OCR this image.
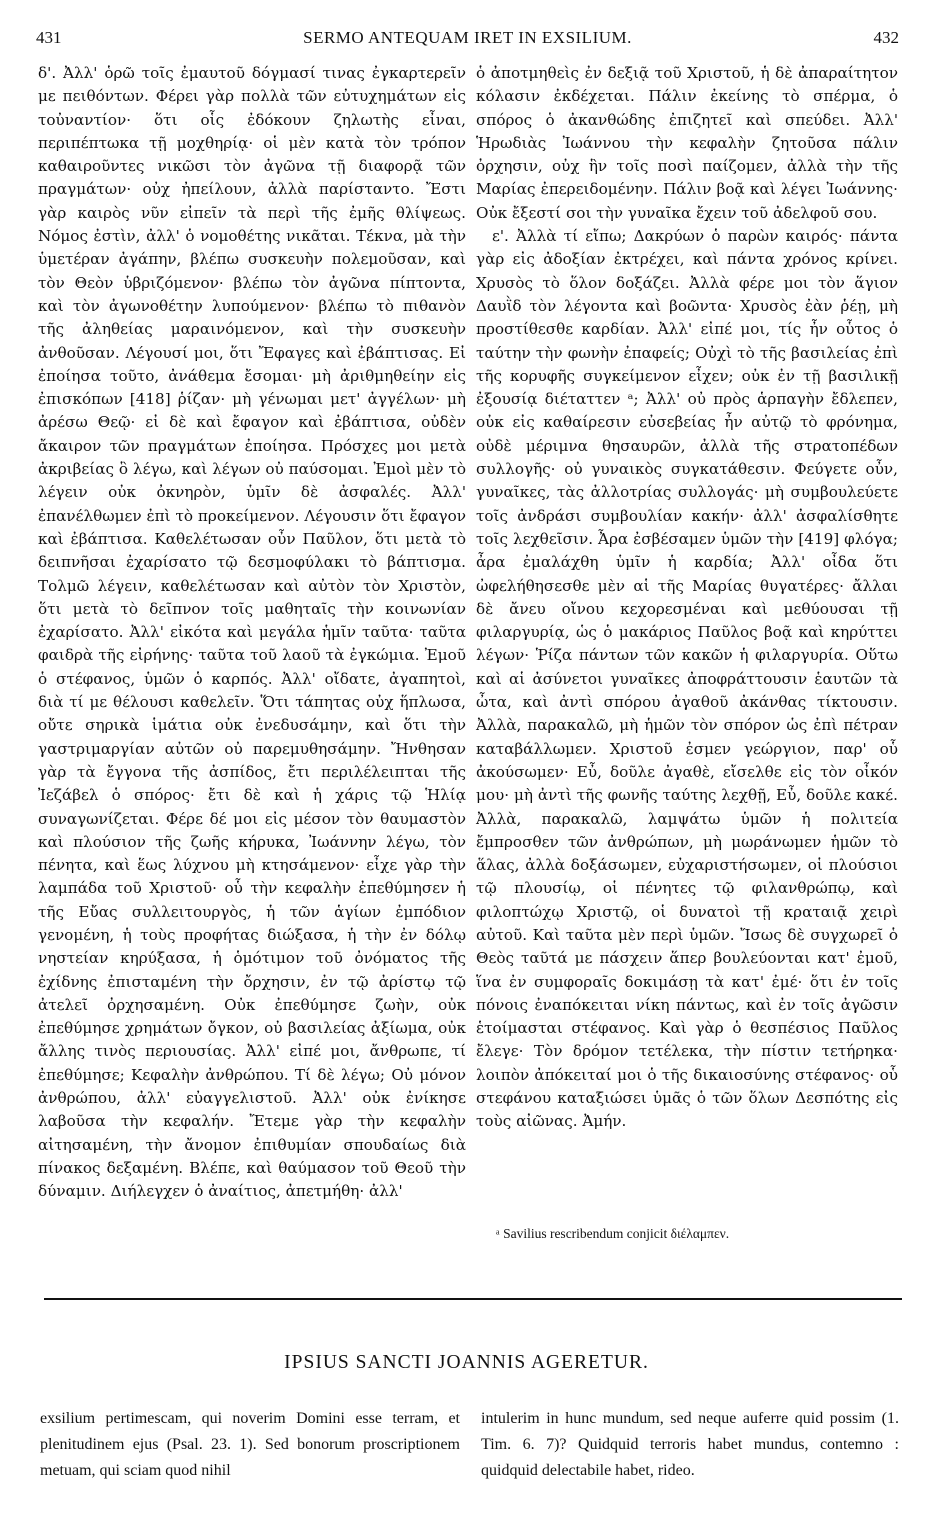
431	SERMO ANTEQUAM IRET IN EXSILIUM.	432

δ'. Ἀλλ' ὁρῶ τοῖς ἐμαυτοῦ δόγμασί τινας ἐγκαρτερεῖν με πειθόντων. Φέρει γὰρ πολλὰ τῶν εὐτυχημάτων εἰς τοὐναντίον· ὅτι οἷς ἐδόκουν ζηλωτὴς εἶναι, περιπέπτωκα τῇ μοχθηρίᾳ· οἱ μὲν κατὰ τὸν τρόπον καθαιροῦντες νικῶσι τὸν ἀγῶνα τῇ διαφορᾷ τῶν πραγμάτων· οὐχ ἠπείλουν, ἀλλὰ παρίσταντο. Ἔστι γὰρ καιρὸς νῦν εἰπεῖν τὰ περὶ τῆς ἐμῆς θλίψεως. Νόμος ἐστὶν, ἀλλ' ὁ νομοθέτης νικᾶται. Τέκνα, μὰ τὴν ὑμετέραν ἀγάπην, βλέπω συσκευὴν πολεμοῦσαν, καὶ τὸν Θεὸν ὑβριζόμενον· βλέπω τὸν ἀγῶνα πίπτοντα, καὶ τὸν ἀγωνοθέτην λυπούμενον· βλέπω τὸ πιθανὸν τῆς ἀληθείας μαραινόμενον, καὶ τὴν συσκευὴν ἀνθοῦσαν. Λέγουσί μοι, ὅτι Ἔφαγες καὶ ἐβάπτισας. Εἰ ἐποίησα τοῦτο, ἀνάθεμα ἔσομαι· μὴ ἀριθμηθείην εἰς ἐπισκόπων [418] ῥίζαν· μὴ γένωμαι μετ' ἀγγέλων· μὴ ἀρέσω Θεῷ· εἰ δὲ καὶ ἔφαγον καὶ ἐβάπτισα, οὐδὲν ἄκαιρον τῶν πραγμάτων ἐποίησα. Πρόσχες μοι μετὰ ἀκριβείας ὃ λέγω, καὶ λέγων οὐ παύσομαι. Ἐμοὶ μὲν τὸ λέγειν οὐκ ὀκνηρὸν, ὑμῖν δὲ ἀσφαλές. Ἀλλ' ἐπανέλθωμεν ἐπὶ τὸ προκείμενον. Λέγουσιν ὅτι ἔφαγον καὶ ἐβάπτισα. Καθελέτωσαν οὖν Παῦλον, ὅτι μετὰ τὸ δειπνῆσαι ἐχαρίσατο τῷ δεσμοφύλακι τὸ βάπτισμα. Τολμῶ λέγειν, καθελέτωσαν καὶ αὐτὸν τὸν Χριστὸν, ὅτι μετὰ τὸ δεῖπνον τοῖς μαθηταῖς τὴν κοινωνίαν ἐχαρίσατο. Ἀλλ' εἰκότα καὶ μεγάλα ἡμῖν ταῦτα· ταῦτα φαιδρὰ τῆς εἰρήνης· ταῦτα τοῦ λαοῦ τὰ ἐγκώμια. Ἐμοῦ ὁ στέφανος, ὑμῶν ὁ καρπός. Ἀλλ' οἴδατε, ἀγαπητοὶ, διὰ τί με θέλουσι καθελεῖν. Ὅτι τάπητας οὐχ ἥπλωσα, οὔτε σηρικὰ ἱμάτια οὐκ ἐνεδυσάμην, καὶ ὅτι τὴν γαστριμαργίαν αὐτῶν οὐ παρεμυθησάμην. Ἤνθησαν γὰρ τὰ ἔγγονα τῆς ἀσπίδος, ἔτι περιλέλειπται τῆς Ἰεζάβελ ὁ σπόρος· ἔτι δὲ καὶ ἡ χάρις τῷ Ἡλίᾳ συναγωνίζεται. Φέρε δέ μοι εἰς μέσον τὸν θαυμαστὸν καὶ πλούσιον τῆς ζωῆς κήρυκα, Ἰωάννην λέγω, τὸν πένητα, καὶ ἕως λύχνου μὴ κτησάμενον· εἶχε γὰρ τὴν λαμπάδα τοῦ Χριστοῦ· οὗ τὴν κεφαλὴν ἐπεθύμησεν ἡ τῆς Εὔας συλλειτουργὸς, ἡ τῶν ἁγίων ἐμπόδιον γενομένη, ἡ τοὺς προφήτας διώξασα, ἡ τὴν ἐν δόλῳ νηστείαν κηρύξασα, ἡ ὁμότιμον τοῦ ὀνόματος τῆς ἐχίδνης ἐπισταμένη τὴν ὄρχησιν, ἐν τῷ ἀρίστῳ τῷ ἀτελεῖ ὀρχησαμένη. Οὐκ ἐπεθύμησε ζωὴν, οὐκ ἐπεθύμησε χρημάτων ὄγκον, οὐ βασιλείας ἀξίωμα, οὐκ ἄλλης τινὸς περιουσίας. Ἀλλ' εἰπέ μοι, ἄνθρωπε, τί ἐπεθύμησε; Κεφαλὴν ἀνθρώπου. Τί δὲ λέγω; Οὐ μόνον ἀνθρώπου, ἀλλ' εὐαγγελιστοῦ. Ἀλλ' οὐκ ἐνίκησε λαβοῦσα τὴν κεφαλήν. Ἔτεμε γὰρ τὴν κεφαλὴν αἰτησαμένη, τὴν ἄνομον ἐπιθυμίαν σπουδαίως διὰ πίνακος δεξαμένη. Βλέπε, καὶ θαύμασον τοῦ Θεοῦ τὴν δύναμιν. Διήλεγχεν ὁ ἀναίτιος, ἀπετμήθη· ἀλλ'

ὁ ἀποτμηθεὶς ἐν δεξιᾷ τοῦ Χριστοῦ, ἡ δὲ ἀπαραίτητον κόλασιν ἐκδέχεται. Πάλιν ἐκείνης τὸ σπέρμα, ὁ σπόρος ὁ ἀκανθώδης ἐπιζητεῖ καὶ σπεύδει. Ἀλλ' Ἡρωδιὰς Ἰωάννου τὴν κεφαλὴν ζητοῦσα πάλιν ὀρχησιν, οὐχ ἣν τοῖς ποσὶ παίζομεν, ἀλλὰ τὴν τῆς Μαρίας ἐπερειδομένην. Πάλιν βοᾷ καὶ λέγει Ἰωάννης· Οὐκ ἔξεστί σοι τὴν γυναῖκα ἔχειν τοῦ ἀδελφοῦ σου.

ε'. Ἀλλὰ τί εἴπω; Δακρύων ὁ παρὼν καιρός· πάντα γὰρ εἰς ἀδοξίαν ἐκτρέχει, καὶ πάντα χρόνος κρίνει. Χρυσὸς τὸ ὅλον δοξάζει. Ἀλλὰ φέρε μοι τὸν ἅγιον Δαυῒδ τὸν λέγοντα καὶ βοῶντα· Χρυσὸς ἐὰν ῥέῃ, μὴ προστίθεσθε καρδίαν. Ἀλλ' εἰπέ μοι, τίς ἦν οὗτος ὁ ταύτην τὴν φωνὴν ἐπαφείς; Οὐχὶ τὸ τῆς βασιλείας ἐπὶ τῆς κορυφῆς συγκείμενον εἶχεν; οὐκ ἐν τῇ βασιλικῇ ἐξουσίᾳ διέταττεν ᵃ; Ἀλλ' οὐ πρὸς ἁρπαγὴν ἔδλεπεν, οὐκ εἰς καθαίρεσιν εὐσεβείας ἦν αὐτῷ τὸ φρόνημα, οὐδὲ μέριμνα θησαυρῶν, ἀλλὰ τῆς στρατοπέδων συλλογῆς· οὐ γυναικὸς συγκατάθεσιν. Φεύγετε οὖν, γυναῖκες, τὰς ἀλλοτρίας συλλογάς· μὴ συμβουλεύετε τοῖς ἀνδράσι συμβουλίαν κακήν· ἀλλ' ἀσφαλίσθητε τοῖς λεχθεῖσιν. Ἆρα ἐσβέσαμεν ὑμῶν τὴν [419] φλόγα; ἆρα ἐμαλάχθη ὑμῖν ἡ καρδία; Ἀλλ' οἶδα ὅτι ὠφελήθησεσθε μὲν αἱ τῆς Μαρίας θυγατέρες· ἄλλαι δὲ ἄνευ οἴνου κεχορεσμέναι καὶ μεθύουσαι τῇ φιλαργυρίᾳ, ὡς ὁ μακάριος Παῦλος βοᾷ καὶ κηρύττει λέγων· Ῥίζα πάντων τῶν κακῶν ἡ φιλαργυρία. Οὕτω καὶ αἱ ἀσύνετοι γυναῖκες ἀποφράττουσιν ἑαυτῶν τὰ ὦτα, καὶ ἀντὶ σπόρου ἀγαθοῦ ἀκάνθας τίκτουσιν. Ἀλλὰ, παρακαλῶ, μὴ ἡμῶν τὸν σπόρον ὡς ἐπὶ πέτραν καταβάλλωμεν. Χριστοῦ ἐσμεν γεώργιον, παρ' οὗ ἀκούσωμεν· Εὖ, δοῦλε ἀγαθὲ, εἴσελθε εἰς τὸν οἶκόν μου· μὴ ἀντὶ τῆς φωνῆς ταύτης λεχθῇ, Εὖ, δοῦλε κακέ. Ἀλλὰ, παρακαλῶ, λαμψάτω ὑμῶν ἡ πολιτεία ἔμπροσθεν τῶν ἀνθρώπων, μὴ μωράνωμεν ἡμῶν τὸ ἅλας, ἀλλὰ δοξάσωμεν, εὐχαριστήσωμεν, οἱ πλούσιοι τῷ πλουσίῳ, οἱ πένητες τῷ φιλανθρώπῳ, καὶ φιλοπτώχῳ Χριστῷ, οἱ δυνατοὶ τῇ κραταιᾷ χειρὶ αὐτοῦ. Καὶ ταῦτα μὲν περὶ ὑμῶν. Ἴσως δὲ συγχωρεῖ ὁ Θεὸς ταῦτά με πάσχειν ἅπερ βουλεύονται κατ' ἐμοῦ, ἵνα ἐν συμφοραῖς δοκιμάσῃ τὰ κατ' ἐμέ· ὅτι ἐν τοῖς πόνοις ἐναπόκειται νίκη πάντως, καὶ ἐν τοῖς ἀγῶσιν ἑτοίμασται στέφανος. Καὶ γὰρ ὁ θεσπέσιος Παῦλος ἔλεγε· Τὸν δρόμον τετέλεκα, τὴν πίστιν τετήρηκα· λοιπὸν ἀπόκειταί μοι ὁ τῆς δικαιοσύνης στέφανος· οὗ στεφάνου καταξιώσει ὑμᾶς ὁ τῶν ὅλων Δεσπότης εἰς τοὺς αἰῶνας. Ἀμήν.

ᵃ Savilius rescribendum conjicit διέλαμπεν.
IPSIUS SANCTI JOANNIS AGERETUR.
exsilium pertimescam, qui noverim Domini esse terram, et plenitudinem ejus (Psal. 23. 1). Sed bonorum proscriptionem metuam, qui sciam quod nihil
intulerim in hunc mundum, sed neque auferre quid possim (1. Tim. 6. 7)? Quidquid terroris habet mundus, contemno : quidquid delectabile habet, rideo.
